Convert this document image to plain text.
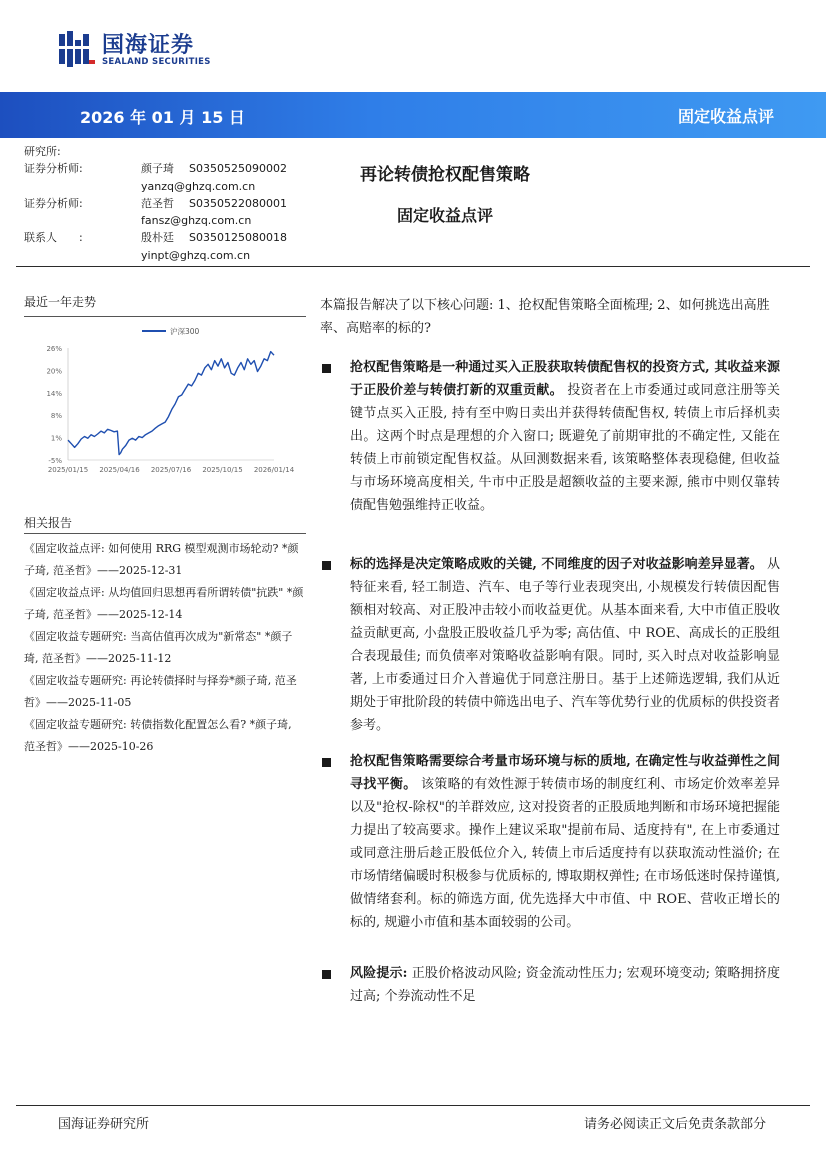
国海证券
SEALAND SECURITIES
2026 年 01 月 15 日	固定收益点评
研究所:
证券分析师:	颜子琦 S0350525090002
yanzq@ghzq.com.cn
证券分析师:	范圣哲 S0350522080001
fansz@ghzq.com.cn
联系人　　:	殷朴廷 S0350125080018
yinpt@ghzq.com.cn
再论转债抢权配售策略
固定收益点评
最近一年走势
26%
20%
14%
8%
1%
-5%
2025/01/15 2025/04/16 2025/07/16 2025/10/15 2026/01/14
沪深300
相关报告
《固定收益点评: 如何使用 RRG 模型观测市场轮动? *颜子琦, 范圣哲》——2025-12-31
《固定收益点评: 从均值回归思想再看所谓转债"抗跌" *颜子琦, 范圣哲》——2025-12-14
《固定收益专题研究: 当高估值再次成为"新常态" *颜子琦, 范圣哲》——2025-11-12
《固定收益专题研究: 再论转债择时与择券*颜子琦, 范圣哲》——2025-11-05
《固定收益专题研究: 转债指数化配置怎么看? *颜子琦, 范圣哲》——2025-10-26
本篇报告解决了以下核心问题: 1、抢权配售策略全面梳理; 2、如何挑选出高胜率、高赔率的标的?
抢权配售策略是一种通过买入正股获取转债配售权的投资方式, 其收益来源于正股价差与转债打新的双重贡献。 投资者在上市委通过或同意注册等关键节点买入正股, 持有至中购日卖出并获得转债配售权, 转债上市后择机卖出。这两个时点是理想的介入窗口; 既避免了前期审批的不确定性, 又能在转债上市前锁定配售权益。从回测数据来看, 该策略整体表现稳健, 但收益与市场环境高度相关, 牛市中正股是超额收益的主要来源, 熊市中则仅靠转债配售勉强维持正收益。
标的选择是决定策略成败的关键, 不同维度的因子对收益影响差异显著。 从特征来看, 轻工制造、汽车、电子等行业表现突出, 小规模发行转债因配售额相对较高、对正股冲击较小而收益更优。从基本面来看, 大中市值正股收益贡献更高, 小盘股正股收益几乎为零; 高估值、中 ROE、高成长的正股组合表现最佳; 而负债率对策略收益影响有限。同时, 买入时点对收益影响显著, 上市委通过日介入普遍优于同意注册日。基于上述筛选逻辑, 我们从近期处于审批阶段的转债中筛选出电子、汽车等优势行业的优质标的供投资者参考。
抢权配售策略需要综合考量市场环境与标的质地, 在确定性与收益弹性之间寻找平衡。 该策略的有效性源于转债市场的制度红利、市场定价效率差异以及"抢权-除权"的羊群效应, 这对投资者的正股质地判断和市场环境把握能力提出了较高要求。操作上建议采取"提前布局、适度持有", 在上市委通过或同意注册后趁正股低位介入, 转债上市后适度持有以获取流动性溢价; 在市场情绪偏暖时积极参与优质标的, 博取期权弹性; 在市场低迷时保持谨慎, 做情绪套利。标的筛选方面, 优先选择大中市值、中 ROE、营收正增长的标的, 规避小市值和基本面较弱的公司。
风险提示: 正股价格波动风险; 资金流动性压力; 宏观环境变动; 策略拥挤度过高; 个券流动性不足
国海证券研究所	请务必阅读正文后免责条款部分
